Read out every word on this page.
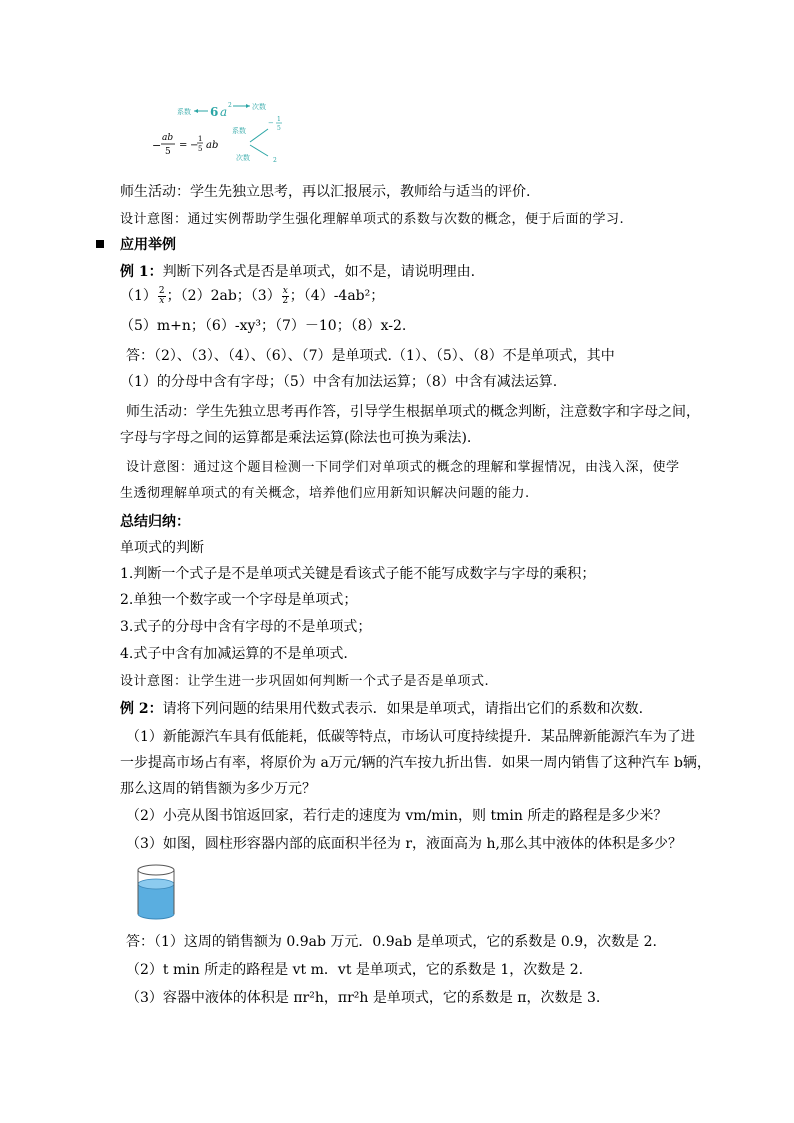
系数 6 a 2	次数
−
ab
5
= −
1
5 ab
系数
次数
− 1
5
2
师生活动：学生先独立思考，再以汇报展示，教师给与适当的评价.
设计意图：通过实例帮助学生强化理解单项式的系数与次数的概念，便于后面的学习.
应用举例
例 1：判断下列各式是否是单项式，如不是，请说明理由.
$(1) \frac{2}{x}$ ；（2）2ab；$(3) \frac{x}{2}$ ；（4）-4ab²；
（5）m+n；（6）-xy³；（7）－10；（8）x-2.
答：（2）、（3）、（4）、（6）、（7）是单项式.（1）、（5）、（8）不是单项式，其中
（1）的分母中含有字母；（5）中含有加法运算；（8）中含有减法运算.
师生活动：学生先独立思考再作答，引导学生根据单项式的概念判断，注意数字和字母之间，
字母与字母之间的运算都是乘法运算(除法也可换为乘法).
设计意图：通过这个题目检测一下同学们对单项式的概念的理解和掌握情况，由浅入深，使学
生透彻理解单项式的有关概念，培养他们应用新知识解决问题的能力.
总结归纳：
单项式的判断
1.判断一个式子是不是单项式关键是看该式子能不能写成数字与字母的乘积；
2.单独一个数字或一个字母是单项式；
3.式子的分母中含有字母的不是单项式；
4.式子中含有加减运算的不是单项式.
设计意图：让学生进一步巩固如何判断一个式子是否是单项式.
例 2：请将下列问题的结果用代数式表示．如果是单项式，请指出它们的系数和次数.
（1）新能源汽车具有低能耗，低碳等特点，市场认可度持续提升．某品牌新能源汽车为了进
一步提高市场占有率，将原价为 a万元/辆的汽车按九折出售．如果一周内销售了这种汽车 b辆，
那么这周的销售额为多少万元？
（2）小亮从图书馆返回家，若行走的速度为 vm/min，则 tmin 所走的路程是多少米？
（3）如图，圆柱形容器内部的底面积半径为 r，液面高为 h,那么其中液体的体积是多少？
答：（1）这周的销售额为 0.9ab 万元．0.9ab 是单项式，它的系数是 0.9，次数是 2.
（2）t min 所走的路程是 vt m．vt 是单项式，它的系数是 1，次数是 2.
（3）容器中液体的体积是 πr²h，πr²h 是单项式，它的系数是 π，次数是 3.
